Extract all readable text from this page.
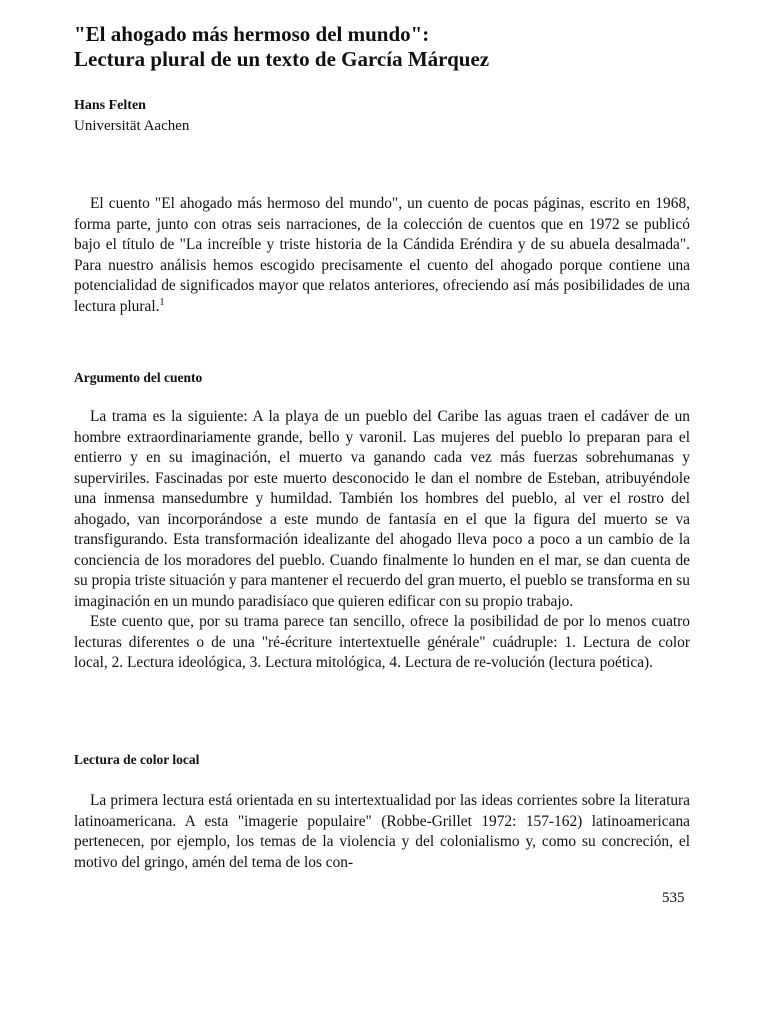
"El ahogado más hermoso del mundo":
Lectura plural de un texto de García Márquez
Hans Felten
Universität Aachen

El cuento "El ahogado más hermoso del mundo", un cuento de pocas páginas, escrito en 1968, forma parte, junto con otras seis narraciones, de la colección de cuentos que en 1972 se publicó bajo el título de "La increíble y triste historia de la Cándida Eréndira y de su abuela desalmada". Para nuestro análisis hemos escogido precisamente el cuento del ahogado porque contiene una potencialidad de significados mayor que relatos anteriores, ofreciendo así más posibilidades de una lectura plural.$^1$

Argumento del cuento

La trama es la siguiente: A la playa de un pueblo del Caribe las aguas traen el cadáver de un hombre extraordinariamente grande, bello y varonil. Las mujeres del pueblo lo preparan para el entierro y en su imaginación, el muerto va ganando cada vez más fuerzas sobrehumanas y superviriles. Fascinadas por este muerto desconocido le dan el nombre de Esteban, atribuyéndole una inmensa mansedumbre y humildad. También los hombres del pueblo, al ver el rostro del ahogado, van incorporándose a este mundo de fantasía en el que la figura del muerto se va transfigurando. Esta transformación idealizante del ahogado lleva poco a poco a un cambio de la conciencia de los moradores del pueblo. Cuando finalmente lo hunden en el mar, se dan cuenta de su propia triste situación y para mantener el recuerdo del gran muerto, el pueblo se transforma en su imaginación en un mundo paradisíaco que quieren edificar con su propio trabajo.

Este cuento que, por su trama parece tan sencillo, ofrece la posibilidad de por lo menos cuatro lecturas diferentes o de una "ré-écriture intertextuelle générale" cuádruple: 1. Lectura de color local, 2. Lectura ideológica, 3. Lectura mitológica, 4. Lectura de re-volución (lectura poética).

Lectura de color local

La primera lectura está orientada en su intertextualidad por las ideas corrientes sobre la literatura latinoamericana. A esta "imagerie populaire" (Robbe-Grillet 1972: 157-162) latinoamericana pertenecen, por ejemplo, los temas de la violencia y del colonialismo y, como su concreción, el motivo del gringo, amén del tema de los con-

535
